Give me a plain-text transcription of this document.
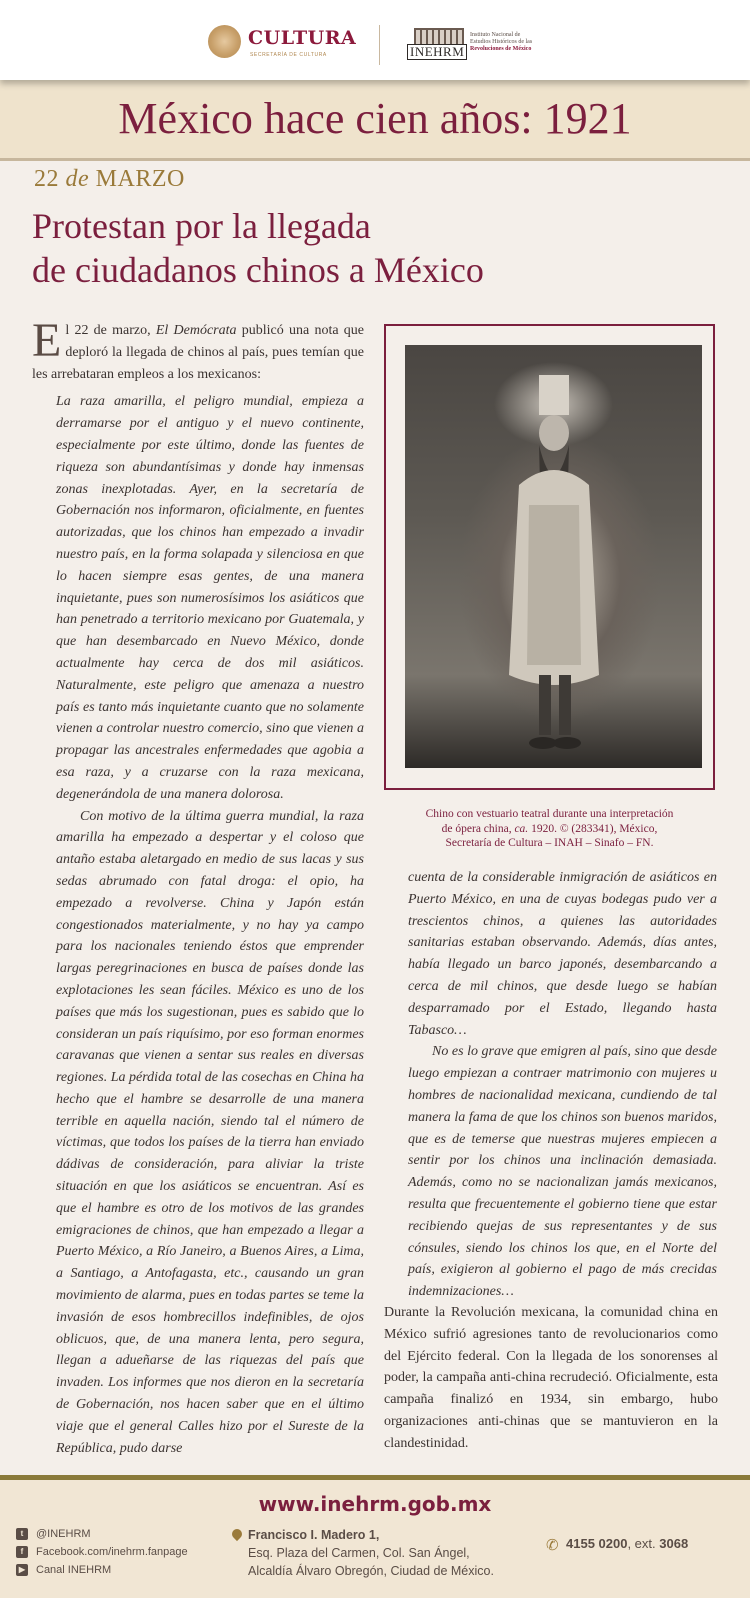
CULTURA
SECRETARÍA DE CULTURA	INEHRM
Instituto Nacional de
Estudios Históricos de las
Revoluciones de México
México hace cien años: 1921
22 de MARZO
Protestan por la llegada
de ciudadanos chinos a México

El 22 de marzo, El Demócrata publicó una nota que deploró la llegada de chinos al país, pues temían que les arrebataran empleos a los mexicanos:

La raza amarilla, el peligro mundial, empieza a derramarse por el antiguo y el nuevo continente, especialmente por este último, donde las fuentes de riqueza son abundantísimas y donde hay inmensas zonas inexplotadas. Ayer, en la secretaría de Gobernación nos informaron, oficialmente, en fuentes autorizadas, que los chinos han empezado a invadir nuestro país, en la forma solapada y silenciosa en que lo hacen siempre esas gentes, de una manera inquietante, pues son numerosísimos los asiáticos que han penetrado a territorio mexicano por Guatemala, y que han desembarcado en Nuevo México, donde actualmente hay cerca de dos mil asiáticos. Naturalmente, este peligro que amenaza a nuestro país es tanto más inquietante cuanto que no solamente vienen a controlar nuestro comercio, sino que vienen a propagar las ancestrales enfermedades que agobia a esa raza, y a cruzarse con la raza mexicana, degenerándola de una manera dolorosa.

Con motivo de la última guerra mundial, la raza amarilla ha empezado a despertar y el coloso que antaño estaba aletargado en medio de sus lacas y sus sedas abrumado con fatal droga: el opio, ha empezado a revolverse. China y Japón están congestionados materialmente, y no hay ya campo para los nacionales teniendo éstos que emprender largas peregrinaciones en busca de países donde las explotaciones les sean fáciles. México es uno de los países que más los sugestionan, pues es sabido que lo consideran un país riquísimo, por eso forman enormes caravanas que vienen a sentar sus reales en diversas regiones. La pérdida total de las cosechas en China ha hecho que el hambre se desarrolle de una manera terrible en aquella nación, siendo tal el número de víctimas, que todos los países de la tierra han enviado dádivas de consideración, para aliviar la triste situación en que los asiáticos se encuentran. Así es que el hambre es otro de los motivos de las grandes emigraciones de chinos, que han empezado a llegar a Puerto México, a Río Janeiro, a Buenos Aires, a Lima, a Santiago, a Antofagasta, etc., causando un gran movimiento de alarma, pues en todas partes se teme la invasión de esos hombrecillos indefinibles, de ojos oblicuos, que, de una manera lenta, pero segura, llegan a adueñarse de las riquezas del país que invaden. Los informes que nos dieron en la secretaría de Gobernación, nos hacen saber que en el último viaje que el general Calles hizo por el Sureste de la República, pudo darse

Chino con vestuario teatral durante una interpretación
de ópera china, ca. 1920. © (283341), México,
Secretaría de Cultura – INAH – Sinafo – FN.

cuenta de la considerable inmigración de asiáticos en Puerto México, en una de cuyas bodegas pudo ver a trescientos chinos, a quienes las autoridades sanitarias estaban observando. Además, días antes, había llegado un barco japonés, desembarcando a cerca de mil chinos, que desde luego se habían desparramado por el Estado, llegando hasta Tabasco…

No es lo grave que emigren al país, sino que desde luego empiezan a contraer matrimonio con mujeres u hombres de nacionalidad mexicana, cundiendo de tal manera la fama de que los chinos son buenos maridos, que es de temerse que nuestras mujeres empiecen a sentir por los chinos una inclinación demasiada. Además, como no se nacionalizan jamás mexicanos, resulta que frecuentemente el gobierno tiene que estar recibiendo quejas de sus representantes y de sus cónsules, siendo los chinos los que, en el Norte del país, exigieron al gobierno el pago de más crecidas indemnizaciones…

Durante la Revolución mexicana, la comunidad china en México sufrió agresiones tanto de revolucionarios como del Ejército federal. Con la llegada de los sonorenses al poder, la campaña anti-china recrudeció. Oficialmente, esta campaña finalizó en 1934, sin embargo, hubo organizaciones anti-chinas que se mantuvieron en la clandestinidad.
www.inehrm.gob.mx
t	@INEHRM
f	Facebook.com/inehrm.fanpage
▶ Canal INEHRM
Francisco I. Madero 1,
Esq. Plaza del Carmen, Col. San Ángel,
Alcaldía Álvaro Obregón, Ciudad de México.
✆ 4155 0200, ext. 3068
